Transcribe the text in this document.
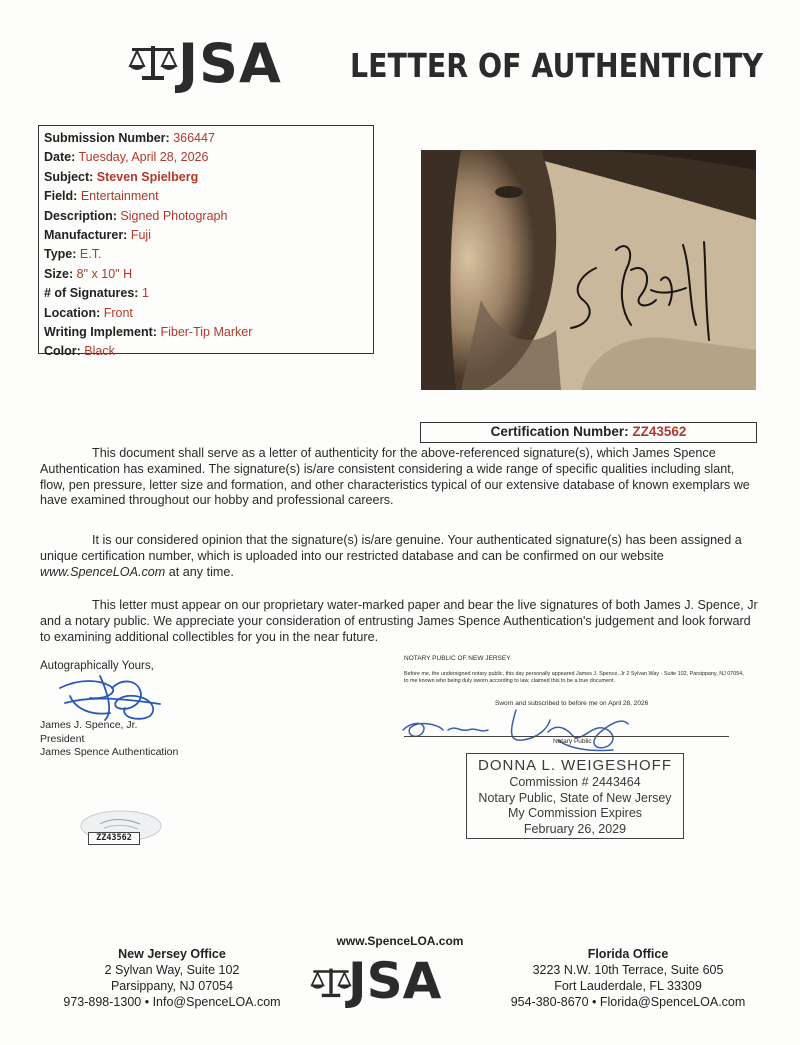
JSA LETTER OF AUTHENTICITY
Submission Number: 366447
Date: Tuesday, April 28, 2026
Subject: Steven Spielberg
Field: Entertainment
Description: Signed Photograph
Manufacturer: Fuji
Type: E.T.
Size: 8" x 10" H
# of Signatures: 1
Location: Front
Writing Implement: Fiber-Tip Marker
Color: Black
Certification Number: ZZ43562

This document shall serve as a letter of authenticity for the above-referenced signature(s), which James Spence Authentication has examined. The signature(s) is/are consistent considering a wide range of specific qualities including slant, flow, pen pressure, letter size and formation, and other characteristics typical of our extensive database of known exemplars we have examined throughout our hobby and professional careers.

It is our considered opinion that the signature(s) is/are genuine. Your authenticated signature(s) has been assigned a unique certification number, which is uploaded into our restricted database and can be confirmed on our website www.SpenceLOA.com at any time.

This letter must appear on our proprietary water-marked paper and bear the live signatures of both James J. Spence, Jr and a notary public. We appreciate your consideration of entrusting James Spence Authentication's judgement and look forward to examining additional collectibles for you in the near future.

Autographically Yours,
James J. Spence, Jr.
President
James Spence Authentication
ZZ43562
NOTARY PUBLIC OF NEW JERSEY
Before me, the undersigned notary public, this day personally appeared James J. Spence, Jr 2 Sylvan Way - Suite 102, Parsippany, NJ 07054, to me known who being duly sworn according to law, claimed this to be a true document.
Sworn and subscribed to before me on April 28, 2026
Notary Public
DONNA L. WEIGESHOFF
Commission # 2443464
Notary Public, State of New Jersey
My Commission Expires
February 26, 2029
www.SpenceLOA.com
JSA
New Jersey Office
2 Sylvan Way, Suite 102
Parsippany, NJ 07054
973-898-1300 • Info@SpenceLOA.com
Florida Office
3223 N.W. 10th Terrace, Suite 605
Fort Lauderdale, FL 33309
954-380-8670 • Florida@SpenceLOA.com
